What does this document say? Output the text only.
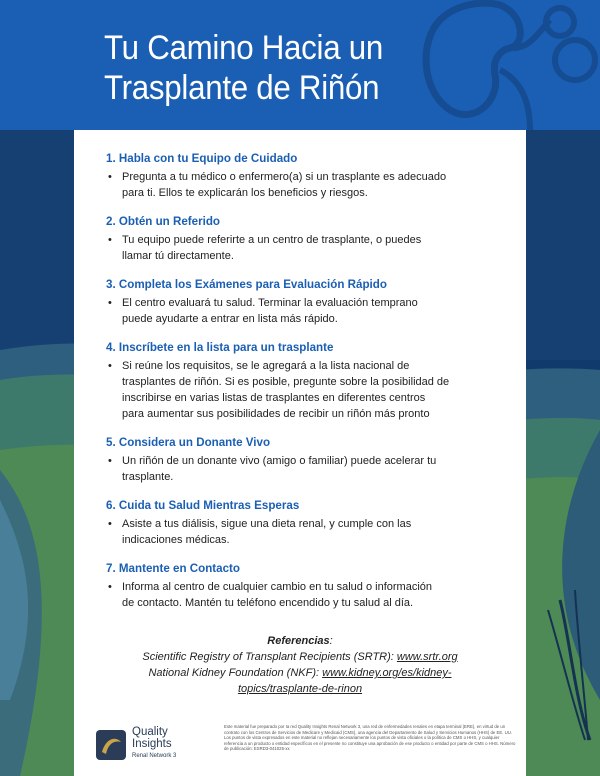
Tu Camino Hacia un
Trasplante de Riñón
1. Habla con tu Equipo de Cuidado
• Pregunta a tu médico o enfermero(a) si un trasplante es adecuado
para ti. Ellos te explicarán los beneficios y riesgos.
2. Obtén un Referido
• Tu equipo puede referirte a un centro de trasplante, o puedes
llamar tú directamente.
3. Completa los Exámenes para Evaluación Rápido
• El centro evaluará tu salud. Terminar la evaluación temprano
puede ayudarte a entrar en lista más rápido.
4. Inscríbete en la lista para un trasplante
• Si reúne los requisitos, se le agregará a la lista nacional de
trasplantes de riñón. Si es posible, pregunte sobre la posibilidad de
inscribirse en varias listas de trasplantes en diferentes centros
para aumentar sus posibilidades de recibir un riñón más pronto
5. Considera un Donante Vivo
• Un riñón de un donante vivo (amigo o familiar) puede acelerar tu
trasplante.
6. Cuida tu Salud Mientras Esperas
• Asiste a tus diálisis, sigue una dieta renal, y cumple con las
indicaciones médicas.
7. Mantente en Contacto
• Informa al centro de cualquier cambio en tu salud o información
de contacto. Mantén tu teléfono encendido y tu salud al día.
Referencias:
Scientific Registry of Transplant Recipients (SRTR): www.srtr.org
National Kidney Foundation (NKF): www.kidney.org/es/kidney-
topics/trasplante-de-rinon
Quality
Insights
Renal Network 3
Este material fue preparado por Ia red Quality Insights Renal Network 3, una red de enfermedades renales en etapa terminal (ERE), en virtud de un contrato con los Centros de Servicios de Medicare y Medicaid (CMS), una agencia del Departamento de Salud y Servicios Humanos (HHS) de EE. UU. Los puntos de vista expresados en este material no reflejan necesariamente los puntos de vista oficiales o la política de CMS o HHS, y cualquier referencia a un producto o entidad específicos en el presente no constituye una aprobación de ese producto o entidad por parte de CMS o HHS. Número de publicación: ESRD3-041025-xx
